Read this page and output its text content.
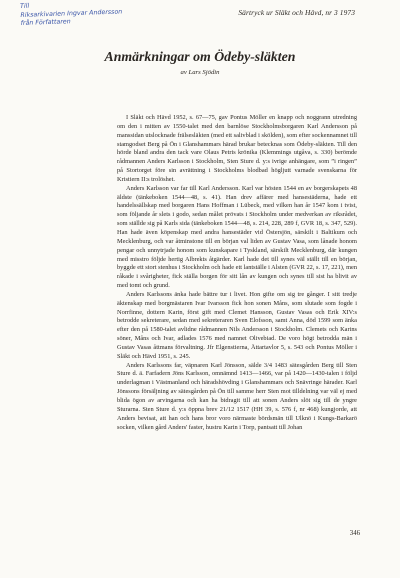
Till
Riksarkivarien Ingvar Andersson
från Författaren
Särtryck ur Släkt och Hävd, nr 3 1973
Anmärkningar om Ödeby-släkten
av Lars Sjödin

I Släkt och Hävd 1952, s. 67—75, gav Pontus Möller en knapp och noggrann utredning om den i mitten av 1550-talet med den barnlöse Stockholmsborgaren Karl Andersson på manssidan utslocknade frälsesläkten (med ett salivblad i skölden), som efter sockennamnet till stamgodset Berg på Ön i Glanshammars härad brukar betecknas som Ödeby-släkten. Till den hörde bland andra den tack vare Olaus Petris krönika (Klemmings utgåva, s. 330) berömde rådmannen Anders Karlsson i Stockholm, Sten Sture d. y:s ivrige anhängare, som ”i ringen” på Stortorget före sin avrättning i Stockholms blodbad högljutt varnade svenskarna för Kristiern II:s trolöshet.

Anders Karlsson var far till Karl Andersson. Karl var hösten 1544 en av borgerskapets 48 äldste (tänkeboken 1544—48, s. 41). Han drev affärer med hansestäderna, hade ett handelssällskap med borgaren Hans Hoffman i Lübeck, med vilken han år 1547 kom i tvist, som följande år slets i godo, sedan målet prövats i Stockholm under medverkan av riksrådet, som ställde sig på Karls sida (tänkeboken 1544—48, s. 214, 228, 289 f, GVR 18, s. 347, 529). Han hade även köpenskap med andra hansestäder vid Östersjön, särskilt i Baltikum och Mecklenburg, och var åtminstone till en början val liden av Gustav Vasa, som lånade honom pengar och unnytrjade honom som kunskapare i Tyskland, särskilt Mecklenburg, där kungen med misstro följde hertig Albrekts åtgärder. Karl hade det till synes väl ställt till en början, byggde ett stort stenhus i Stockholm och hade ett lantställe i Alsten (GVR 22, s. 17, 221), men råkade i svårigheter, fick ställa borgen för sitt lån av kungen och synes till sist ha blivit av med tomt och grund.

Anders Karlssons änka hade bättre tur i livet. Hon gifte om sig tre gånger. I sitt tredje äktenskap med borgmästaren Ivar Ivarsson fick hon sonen Måns, som slutade som fogde i Norrfinne, dottern Karin, först gift med Clemet Hansson, Gustav Vasas och Erik XIV:s betrodde sekreterare, sedan med sekreteraren Sven Elofsson, samt Anna, död 1599 som änka efter den på 1580-talet avlidne rådmannen Nils Andersson i Stockholm. Clemets och Karins söner, Måns och Ivar, adlades 1576 med namnet Olivebiad. De voro högt betrodda män i Gustav Vasas åttmans förvaltning. Jfr Elgenstierna, Ättartavlor 5, s. 543 och Pontus Möller i Släkt och Hävd 1951, s. 245.

Anders Karlssons far, väpnaren Karl Jönsson, sälde 3/4 1483 sätesgården Berg till Sten Sture d. ä. Farfadern Jöns Karlsson, omnämnd 1413—1466, var på 1420—1430-talen i följd underlagman i Västmanland och häradshövding i Glanshammars och Snävringe härader. Karl Jönssons försäljning av sätesgården på Ön till samme herr Sten mot tilldelning var väl ej med blida ögon av arvingarna och kan ha bidragit till att sonen Anders slöt sig till de yngre Sturarna. Sten Sture d. y:s öppna brev 21/12 1517 (HH 39, s. 576 f, nr 468) kungjorde, att Anders bevisat, att han och hans bror voro närmaste bördsmän till Ulknö i Kungs-Barkarö socken, vilken gård Anders' faster, hustru Karin i Torp, pantsatt till Johan

346
